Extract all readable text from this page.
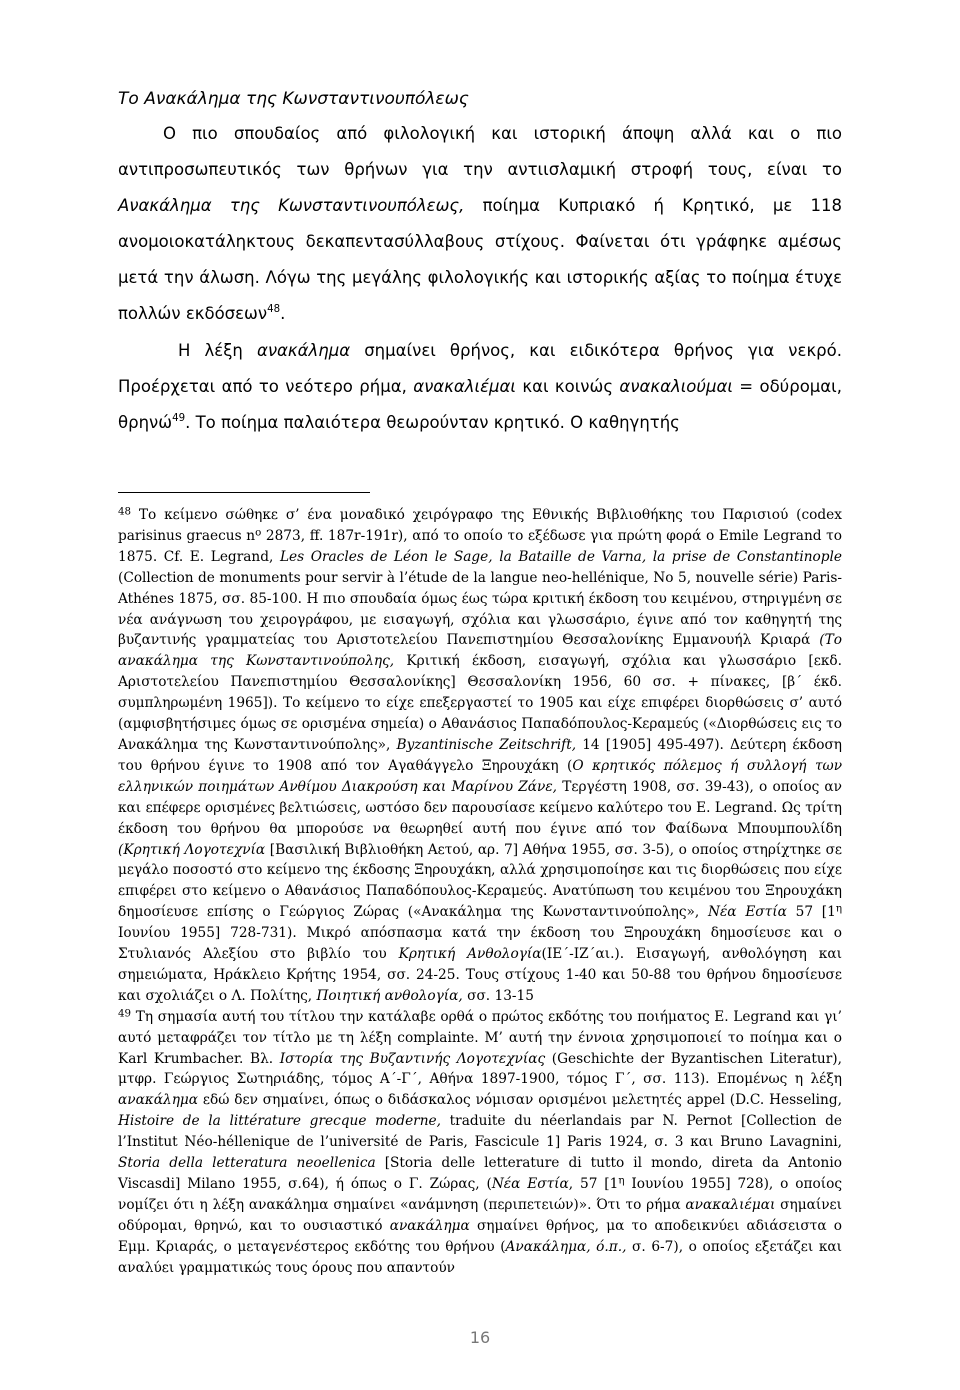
Το Ανακάλημα της Κωνσταντινουπόλεως

Ο πιο σπουδαίος από φιλολογική και ιστορική άποψη αλλά και ο πιο αντιπροσωπευτικός των θρήνων για την αντιισλαμική στροφή τους, είναι το Ανακάλημα της Κωνσταντινουπόλεως, ποίημα Κυπριακό ή Κρητικό, με 118 ανομοιοκατάληκτους δεκαπεντασύλλαβους στίχους. Φαίνεται ότι γράφηκε αμέσως μετά την άλωση. Λόγω της μεγάλης φιλολογικής και ιστορικής αξίας το ποίημα έτυχε πολλών εκδόσεων$^{48}$.

Η λέξη ανακάλημα σημαίνει θρήνος, και ειδικότερα θρήνος για νεκρό. Προέρχεται από το νεότερο ρήμα, ανακαλιέμαι και κοινώς ανακαλιούμαι = οδύρομαι, θρηνώ$^{49}$. Το ποίημα παλαιότερα θεωρούνταν κρητικό. Ο καθηγητής

$^{48}$ Το κείμενο σώθηκε σ’ ένα μοναδικό χειρόγραφο της Εθνικής Βιβλιοθήκης του Παρισιού (codex parisinus graecus $n^o$ 2873, ff. 187r-191r), από το οποίο το εξέδωσε για πρώτη φορά ο Emile Legrand το 1875. Cf. E. Legrand, Les Oracles de Léon le Sage, la Bataille de Varna, la prise de Constantinople (Collection de monuments pour servir à l’étude de la langue neo-hellénique, No 5, nouvelle série) Paris-Athénes 1875, σσ. 85-100. Η πιο σπουδαία όμως έως τώρα κριτική έκδοση του κειμένου, στηριγμένη σε νέα ανάγνωση του χειρογράφου, με εισαγωγή, σχόλια και γλωσσάριο, έγινε από τον καθηγητή της βυζαντινής γραμματείας του Αριστοτελείου Πανεπιστημίου Θεσσαλονίκης Εμμανουήλ Κριαρά (Το ανακάλημα της Κωνσταντινούπολης, Κριτική έκδοση, εισαγωγή, σχόλια και γλωσσάριο [εκδ. Αριστοτελείου Πανεπιστημίου Θεσσαλονίκης] Θεσσαλονίκη 1956, 60 σσ. + πίνακες, [β΄ έκδ. συμπληρωμένη 1965]). Το κείμενο το είχε επεξεργαστεί το 1905 και είχε επιφέρει διορθώσεις σ’ αυτό (αμφισβητήσιμες όμως σε ορισμένα σημεία) ο Αθανάσιος Παπαδόπουλος-Κεραμεύς («Διορθώσεις εις το Ανακάλημα της Κωνσταντινούπολης», Byzantinische Zeitschrift, 14 [1905] 495-497). Δεύτερη έκδοση του θρήνου έγινε το 1908 από τον Αγαθάγγελο Ξηρουχάκη (Ο κρητικός πόλεμος ή συλλογή των ελληνικών ποιημάτων Ανθίμου Διακρούση και Μαρίνου Ζάνε, Τεργέστη 1908, σσ. 39-43), ο οποίος αν και επέφερε ορισμένες βελτιώσεις, ωστόσο δεν παρουσίασε κείμενο καλύτερο του E. Legrand. Ως τρίτη έκδοση του θρήνου θα μπορούσε να θεωρηθεί αυτή που έγινε από τον Φαίδωνα Μπουμπουλίδη (Κρητική Λογοτεχνία [Βασιλική Βιβλιοθήκη Αετού, αρ. 7] Αθήνα 1955, σσ. 3-5), ο οποίος στηρίχτηκε σε μεγάλο ποσοστό στο κείμενο της έκδοσης Ξηρουχάκη, αλλά χρησιμοποίησε και τις διορθώσεις που είχε επιφέρει στο κείμενο ο Αθανάσιος Παπαδόπουλος-Κεραμεύς. Ανατύπωση του κειμένου του Ξηρουχάκη δημοσίευσε επίσης ο Γεώργιος Ζώρας («Ανακάλημα της Κωνσταντινούπολης», Νέα Εστία 57 [$1^\eta$ Ιουνίου 1955] 728-731). Μικρό απόσπασμα κατά την έκδοση του Ξηρουχάκη δημοσίευσε και ο Στυλιανός Αλεξίου στο βιβλίο του Κρητική Ανθολογία(ΙΕ΄-ΙΖ΄αι.). Εισαγωγή, ανθολόγηση και σημειώματα, Ηράκλειο Κρήτης 1954, σσ. 24-25. Τους στίχους 1-40 και 50-88 του θρήνου δημοσίευσε και σχολιάζει ο Λ. Πολίτης, Ποιητική ανθολογία, σσ. 13-15

$^{49}$ Τη σημασία αυτή του τίτλου την κατάλαβε ορθά ο πρώτος εκδότης του ποιήματος E. Legrand και γι’ αυτό μεταφράζει τον τίτλο με τη λέξη complainte. Μ’ αυτή την έννοια χρησιμοποιεί το ποίημα και ο Karl Krumbacher. Βλ. Ιστορία της Βυζαντινής Λογοτεχνίας (Geschichte der Byzantischen Literatur), μτφρ. Γεώργιος Σωτηριάδης, τόμος Α΄-Γ΄, Αθήνα 1897-1900, τόμος Γ΄, σσ. 113). Επομένως η λέξη ανακάλημα εδώ δεν σημαίνει, όπως ο διδάσκαλος νόμισαν ορισμένοι μελετητές appel (D.C. Hesseling, Histoire de la littérature grecque moderne, traduite du néerlandais par N. Pernot [Collection de l’Institut Néo-héllenique de l’université de Paris, Fascicule 1] Paris 1924, σ. 3 και Bruno Lavagnini, Storia della letteratura neoellenica [Storia delle letterature di tutto il mondo, direta da Antonio Viscasdi] Milano 1955, σ.64), ή όπως ο Γ. Ζώρας, (Νέα Εστία, 57 [$1^\eta$ Ιουνίου 1955] 728), ο οποίος νομίζει ότι η λέξη ανακάλημα σημαίνει «ανάμνηση (περιπετειών)». Ότι το ρήμα ανακαλιέμαι σημαίνει οδύρομαι, θρηνώ, και το ουσιαστικό ανακάλημα σημαίνει θρήνος, μα το αποδεικνύει αδιάσειστα ο Εμμ. Κριαράς, ο μεταγενέστερος εκδότης του θρήνου (Ανακάλημα, ό.π., σ. 6-7), ο οποίος εξετάζει και αναλύει γραμματικώς τους όρους που απαντούν

16
